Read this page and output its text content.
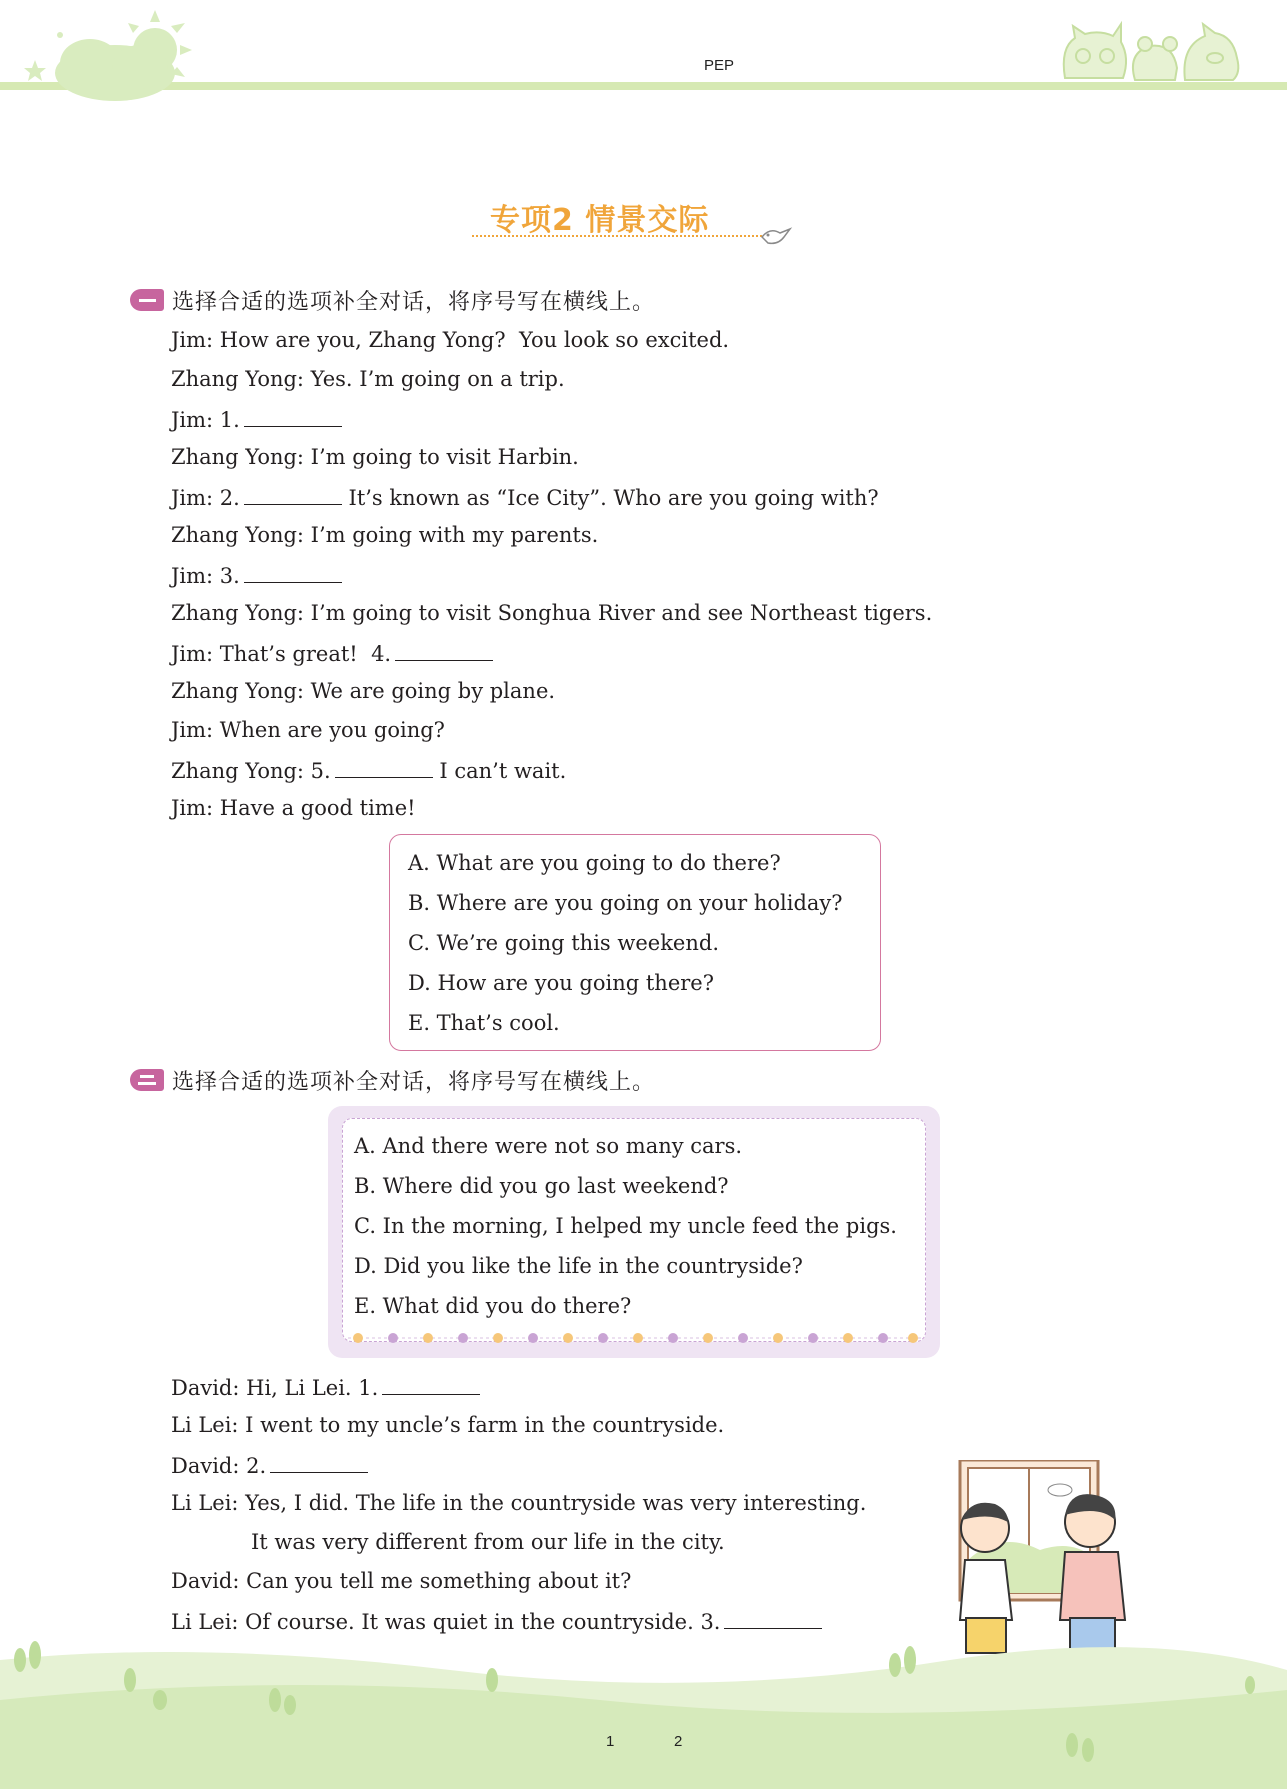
PEP
专项2 情景交际
选择合适的选项补全对话，将序号写在横线上。
Jim: How are you, Zhang Yong?  You look so excited.
Zhang Yong: Yes. I’m going on a trip.
Jim: 1.
Zhang Yong: I’m going to visit Harbin.
Jim: 2.	It’s known as “Ice City”. Who are you going with?
Zhang Yong: I’m going with my parents.
Jim: 3.
Zhang Yong: I’m going to visit Songhua River and see Northeast tigers.
Jim: That’s great!  4.
Zhang Yong: We are going by plane.
Jim: When are you going?
Zhang Yong: 5.	I can’t wait.
Jim: Have a good time!
A. What are you going to do there?
B. Where are you going on your holiday?
C. We’re going this weekend.
D. How are you going there?
E. That’s cool.
选择合适的选项补全对话，将序号写在横线上。
A. And there were not so many cars.
B. Where did you go last weekend?
C. In the morning, I helped my uncle feed the pigs.
D. Did you like the life in the countryside?
E. What did you do there?
David: Hi, Li Lei. 1.
Li Lei: I went to my uncle’s farm in the countryside.
David: 2.
Li Lei: Yes, I did. The life in the countryside was very interesting.
It was very different from our life in the city.
David: Can you tell me something about it?
Li Lei: Of course. It was quiet in the countryside. 3.
1	2
